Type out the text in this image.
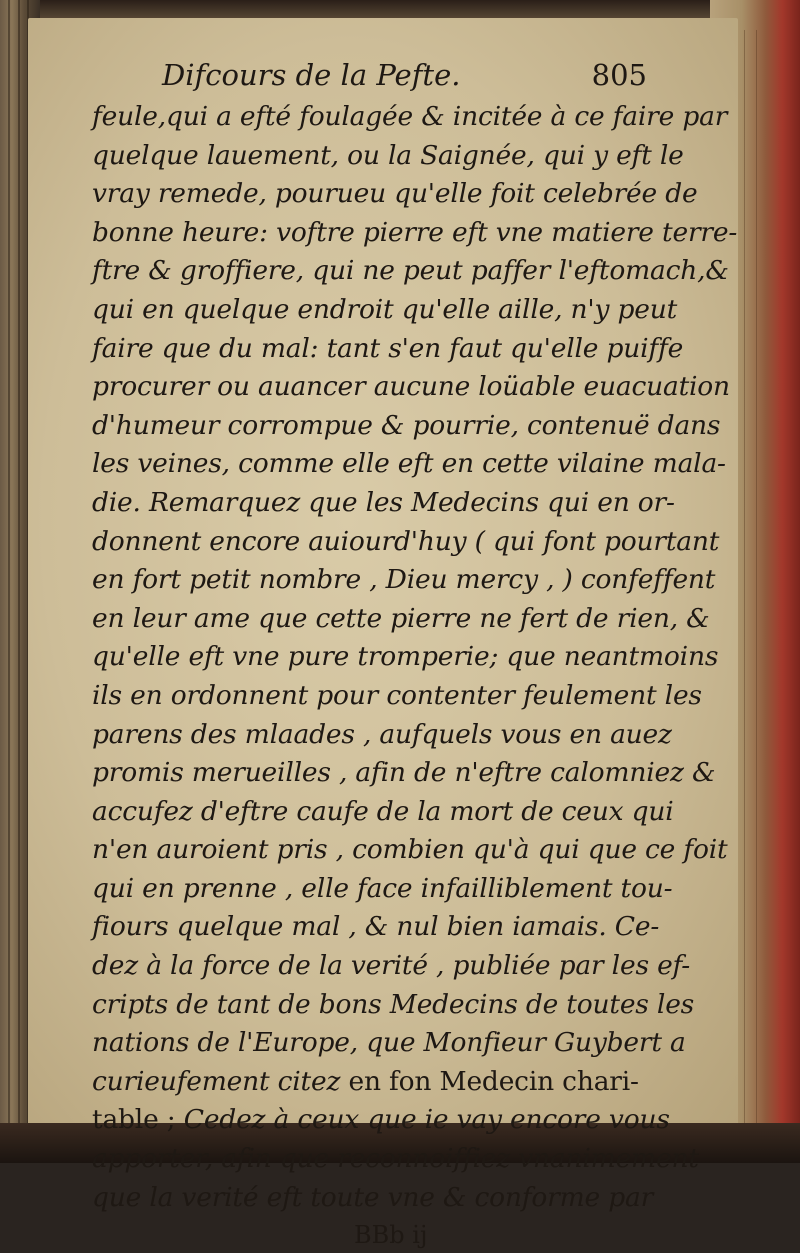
Difcours de la Pefte.	805
feule,qui a efté foulagée & incitée à ce faire par
quelque lauement, ou la Saignée, qui y eft le
vray remede, pourueu qu'elle foit celebrée de
bonne heure: voftre pierre eft vne matiere terre-
ftre & groffiere, qui ne peut paffer l'eftomach,&
qui en quelque endroit qu'elle aille, n'y peut
faire que du mal: tant s'en faut qu'elle puiffe
procurer ou auancer aucune loüable euacuation
d'humeur corrompue & pourrie, contenuë dans
les veines, comme elle eft en cette vilaine mala-
die. Remarquez que les Medecins qui en or-
donnent encore auiourd'huy ( qui font pourtant
en fort petit nombre , Dieu mercy , ) confeffent
en leur ame que cette pierre ne fert de rien, &
qu'elle eft vne pure tromperie; que neantmoins
ils en ordonnent pour contenter feulement les
parens des mlaades , aufquels vous en auez
promis merueilles , afin de n'eftre calomniez &
accufez d'eftre caufe de la mort de ceux qui
n'en auroient pris , combien qu'à qui que ce foit
qui en prenne , elle face infailliblement tou-
fiours quelque mal , & nul bien iamais. Ce-
dez à la force de la verité , publiée par les ef-
cripts de tant de bons Medecins de toutes les
nations de l'Europe, que Monfieur Guybert a
curieufement citez en fon Medecin chari-
table ; Cedez à ceux que ie vay encore vous
apporter, afin que reconnoiffiez vnanimement
que la verité eft toute vne & conforme par
BBb ij
